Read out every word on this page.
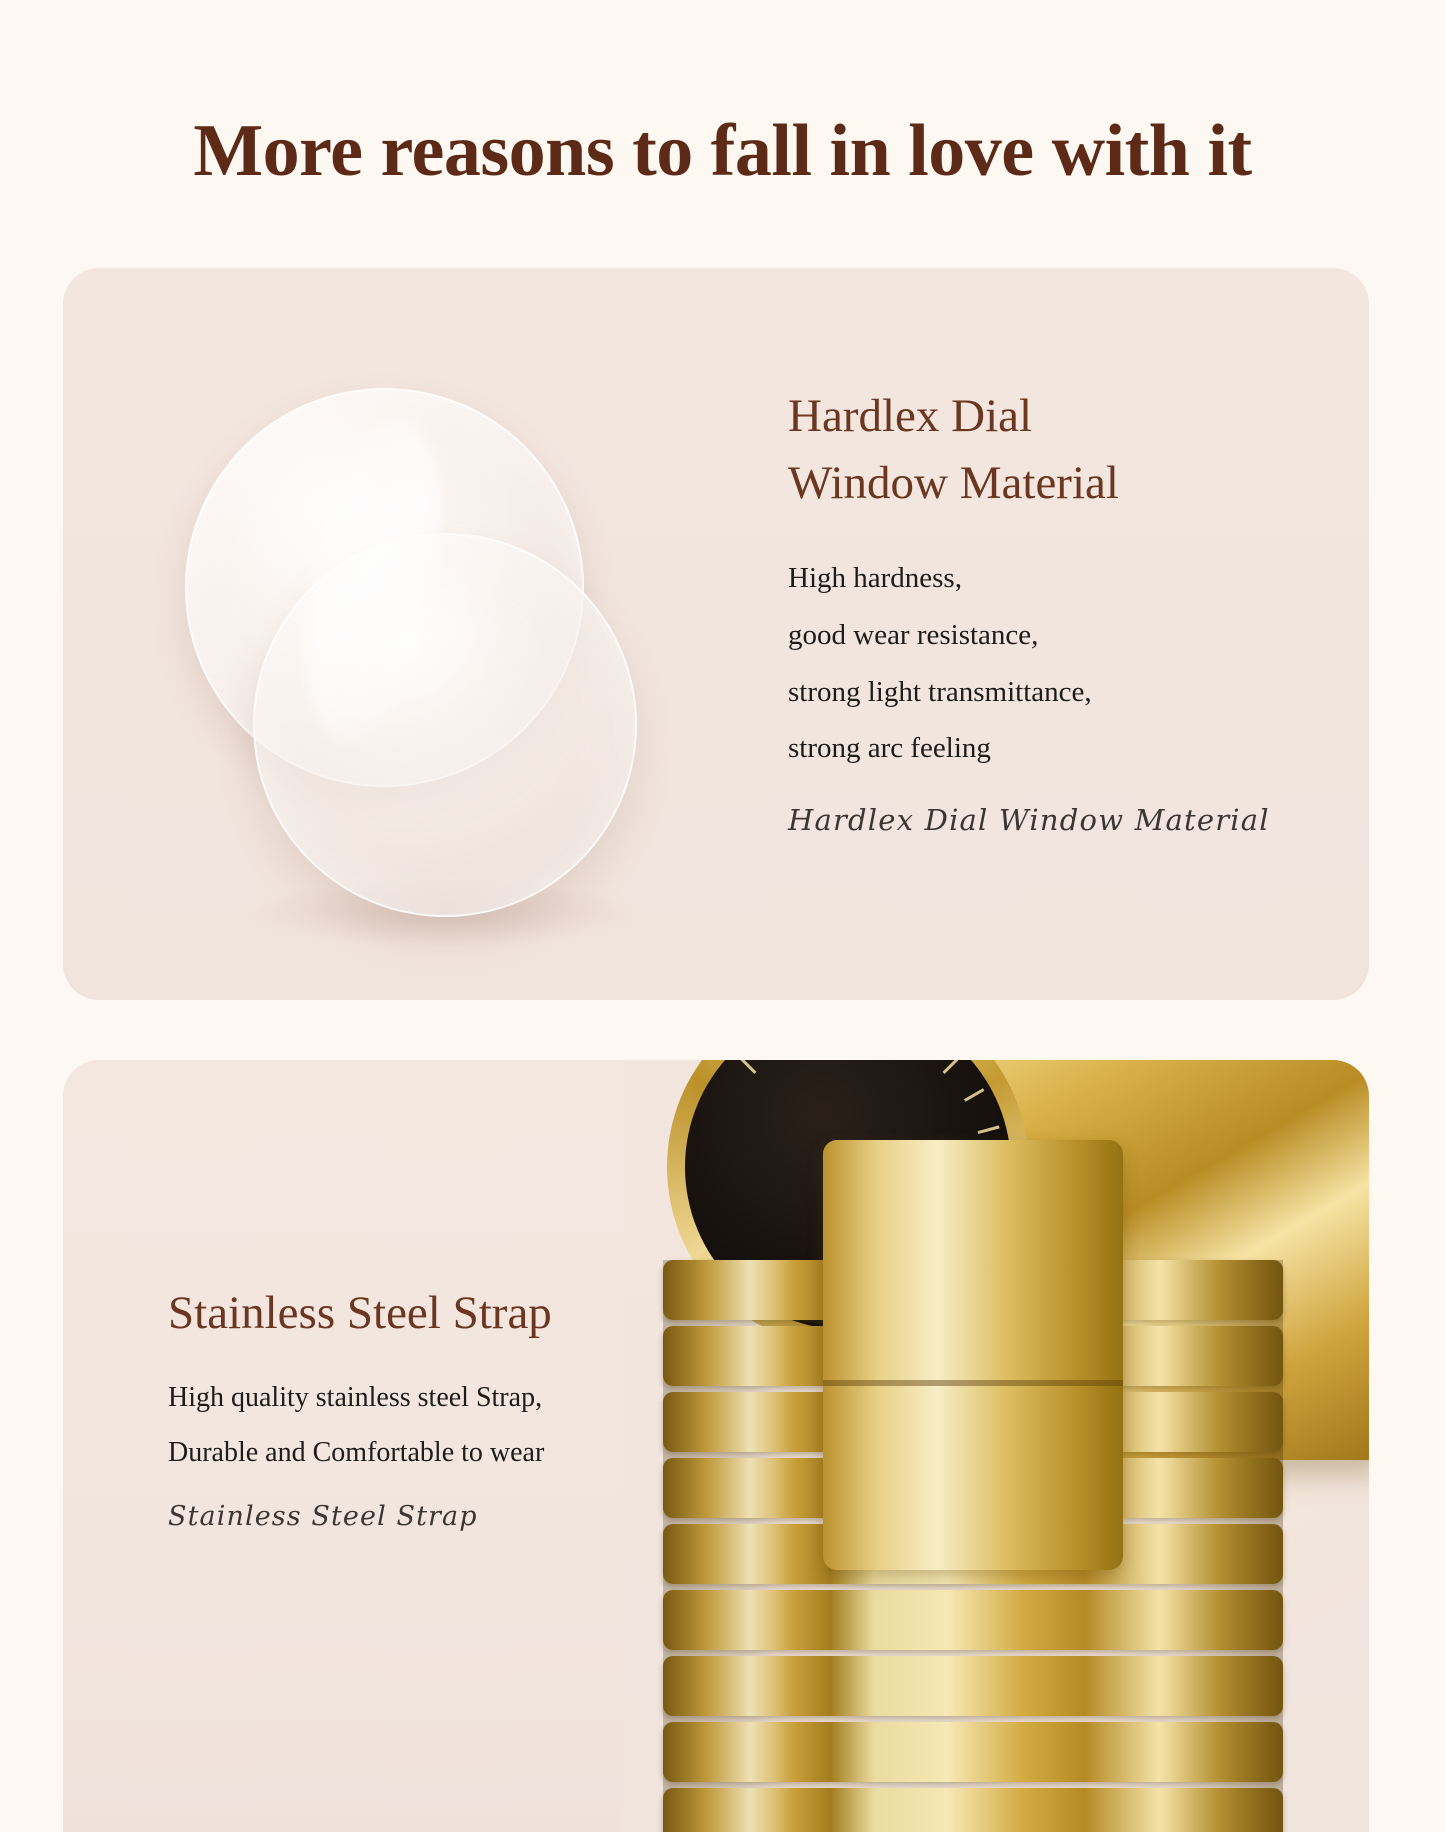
More reasons to fall in love with it
Hardlex Dial
Window Material
High hardness,
good wear resistance,
strong light transmittance,
strong arc feeling
Hardlex Dial Window Material
Stainless Steel Strap
High quality stainless steel Strap,
Durable and Comfortable to wear
Stainless Steel Strap
